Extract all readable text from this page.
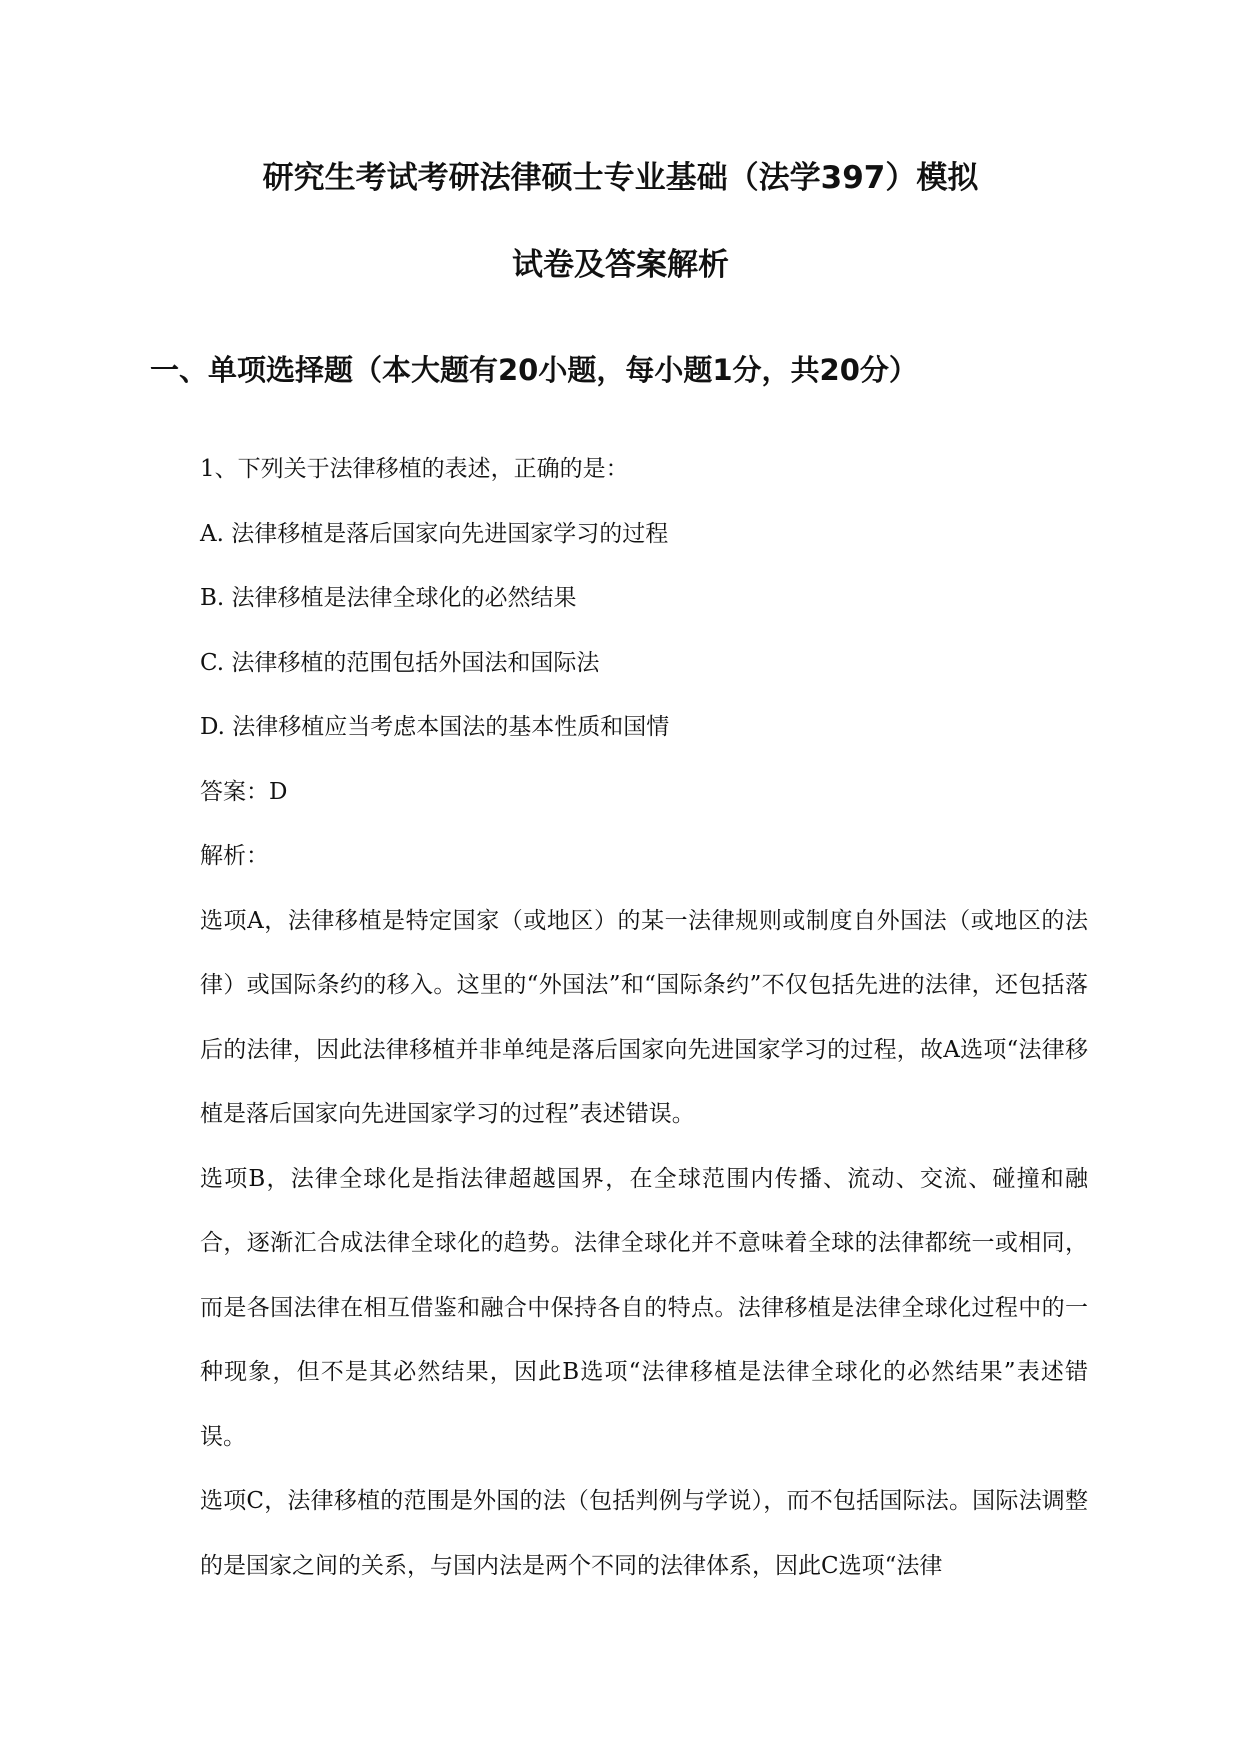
研究生考试考研法律硕士专业基础（法学397）模拟
试卷及答案解析
一、单项选择题（本大题有20小题，每小题1分，共20分）

1、下列关于法律移植的表述，正确的是：

A. 法律移植是落后国家向先进国家学习的过程

B. 法律移植是法律全球化的必然结果

C. 法律移植的范围包括外国法和国际法

D. 法律移植应当考虑本国法的基本性质和国情

答案：D

解析：

选项A，法律移植是特定国家（或地区）的某一法律规则或制度自外国法（或地区的法律）或国际条约的移入。这里的“外国法”和“国际条约”不仅包括先进的法律，还包括落后的法律，因此法律移植并非单纯是落后国家向先进国家学习的过程，故A选项“法律移植是落后国家向先进国家学习的过程”表述错误。

选项B，法律全球化是指法律超越国界，在全球范围内传播、流动、交流、碰撞和融合，逐渐汇合成法律全球化的趋势。法律全球化并不意味着全球的法律都统一或相同，而是各国法律在相互借鉴和融合中保持各自的特点。法律移植是法律全球化过程中的一种现象，但不是其必然结果，因此B选项“法律移植是法律全球化的必然结果”表述错误。

选项C，法律移植的范围是外国的法（包括判例与学说），而不包括国际法。国际法调整的是国家之间的关系，与国内法是两个不同的法律体系，因此C选项“法律
